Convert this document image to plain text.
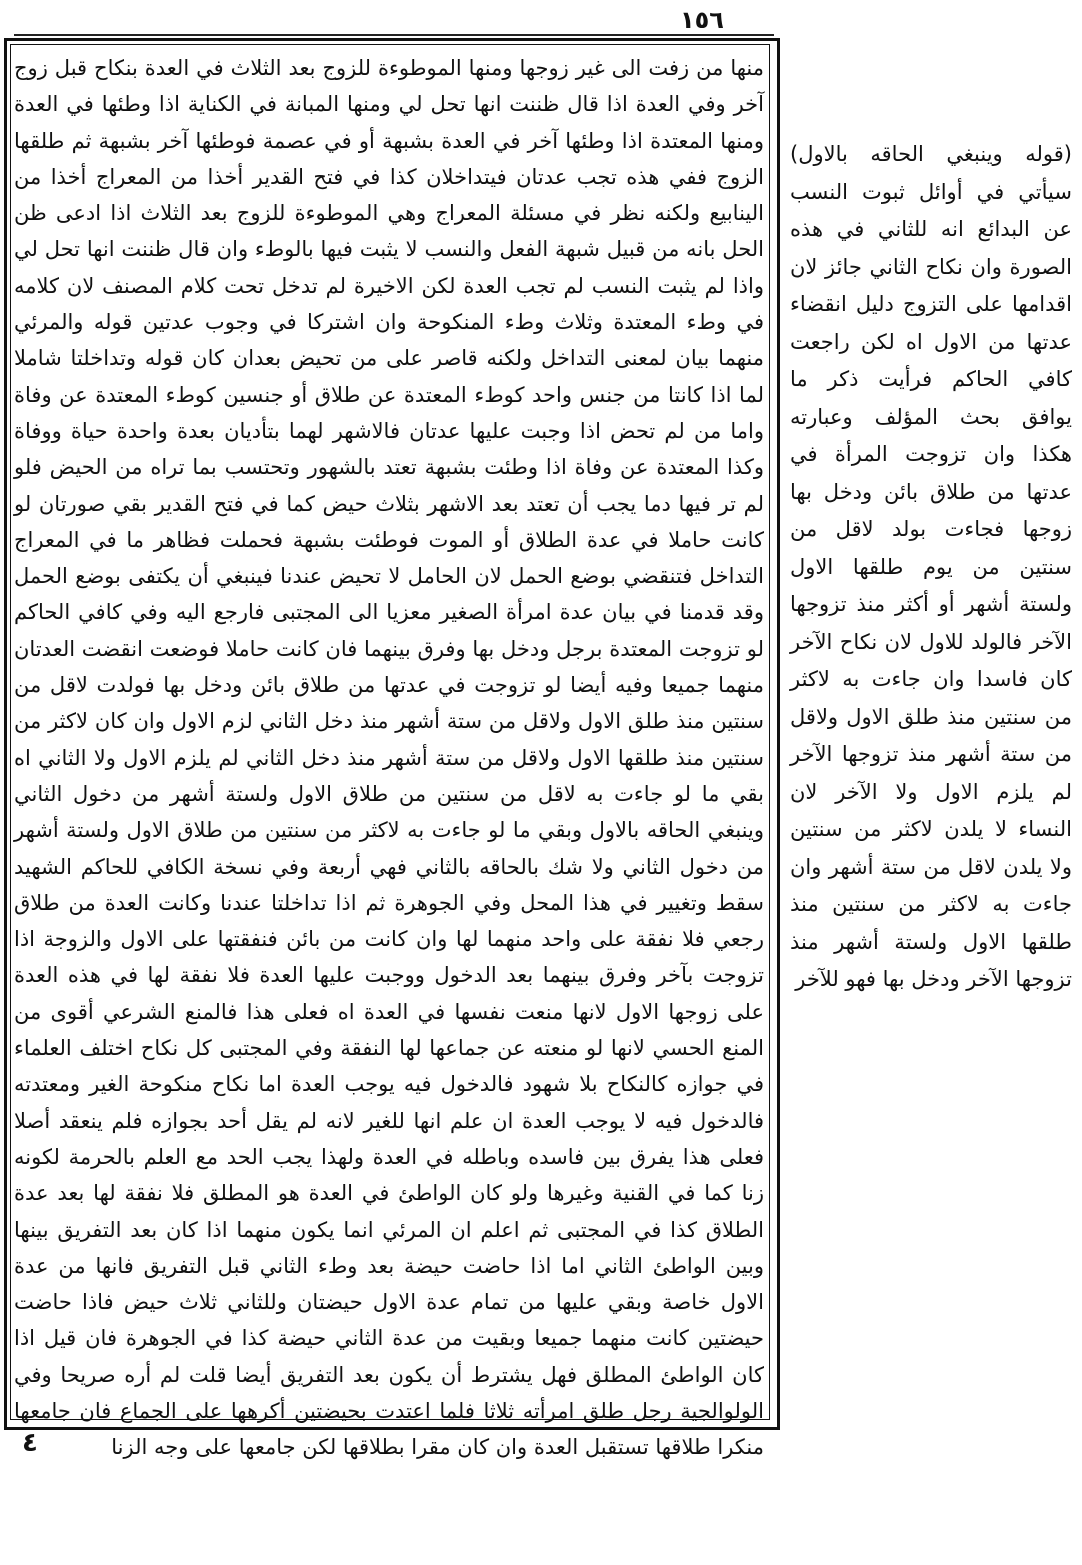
١٥٦

منها من زفت الى غير زوجها ومنها الموطوءة للزوج بعد الثلاث في العدة بنكاح قبل زوج آخر وفي العدة اذا قال ظننت انها تحل لي ومنها المبانة في الكناية اذا وطئها في العدة ومنها المعتدة اذا وطئها آخر في العدة بشبهة أو في عصمة فوطئها آخر بشبهة ثم طلقها الزوج ففي هذه تجب عدتان فيتداخلان كذا في فتح القدير أخذا من المعراج أخذا من الينابيع ولكنه نظر في مسئلة المعراج وهي الموطوءة للزوج بعد الثلاث اذا ادعى ظن الحل بانه من قبيل شبهة الفعل والنسب لا يثبت فيها بالوطء وان قال ظننت انها تحل لي واذا لم يثبت النسب لم تجب العدة لكن الاخيرة لم تدخل تحت كلام المصنف لان كلامه في وطء المعتدة وثلاث وطء المنكوحة وان اشتركا في وجوب عدتين قوله والمرئي منهما بيان لمعنى التداخل ولكنه قاصر على من تحيض بعدان كان قوله وتداخلتا شاملا لما اذا كانتا من جنس واحد كوطء المعتدة عن طلاق أو جنسين كوطء المعتدة عن وفاة واما من لم تحض اذا وجبت عليها عدتان فالاشهر لهما بتأديان بعدة واحدة حياة ووفاة وكذا المعتدة عن وفاة اذا وطئت بشبهة تعتد بالشهور وتحتسب بما تراه من الحيض فلو لم تر فيها دما يجب أن تعتد بعد الاشهر بثلاث حيض كما في فتح القدير بقي صورتان لو كانت حاملا في عدة الطلاق أو الموت فوطئت بشبهة فحملت فظاهر ما في المعراج التداخل فتنقضي بوضع الحمل لان الحامل لا تحيض عندنا فينبغي أن يكتفى بوضع الحمل وقد قدمنا في بيان عدة امرأة الصغير معزيا الى المجتبى فارجع اليه وفي كافي الحاكم لو تزوجت المعتدة برجل ودخل بها وفرق بينهما فان كانت حاملا فوضعت انقضت العدتان منهما جميعا وفيه أيضا لو تزوجت في عدتها من طلاق بائن ودخل بها فولدت لاقل من سنتين منذ طلق الاول ولاقل من ستة أشهر منذ دخل الثاني لزم الاول وان كان لاكثر من سنتين منذ طلقها الاول ولاقل من ستة أشهر منذ دخل الثاني لم يلزم الاول ولا الثاني اه بقي ما لو جاءت به لاقل من سنتين من طلاق الاول ولستة أشهر من دخول الثاني وينبغي الحاقه بالاول وبقي ما لو جاءت به لاكثر من سنتين من طلاق الاول ولستة أشهر من دخول الثاني ولا شك بالحاقه بالثاني فهي أربعة وفي نسخة الكافي للحاكم الشهيد سقط وتغيير في هذا المحل وفي الجوهرة ثم اذا تداخلتا عندنا وكانت العدة من طلاق رجعي فلا نفقة على واحد منهما لها وان كانت من بائن فنفقتها على الاول والزوجة اذا تزوجت بآخر وفرق بينهما بعد الدخول ووجبت عليها العدة فلا نفقة لها في هذه العدة على زوجها الاول لانها منعت نفسها في العدة اه فعلى هذا فالمنع الشرعي أقوى من المنع الحسي لانها لو منعته عن جماعها لها النفقة وفي المجتبى كل نكاح اختلف العلماء في جوازه كالنكاح بلا شهود فالدخول فيه يوجب العدة اما نكاح منكوحة الغير ومعتدته فالدخول فيه لا يوجب العدة ان علم انها للغير لانه لم يقل أحد بجوازه فلم ينعقد أصلا فعلى هذا يفرق بين فاسده وباطله في العدة ولهذا يجب الحد مع العلم بالحرمة لكونه زنا كما في القنية وغيرها ولو كان الواطئ في العدة هو المطلق فلا نفقة لها بعد عدة الطلاق كذا في المجتبى ثم اعلم ان المرئي انما يكون منهما اذا كان بعد التفريق بينها وبين الواطئ الثاني اما اذا حاضت حيضة بعد وطء الثاني قبل التفريق فانها من عدة الاول خاصة وبقي عليها من تمام عدة الاول حيضتان وللثاني ثلاث حيض فاذا حاضت حيضتين كانت منهما جميعا وبقيت من عدة الثاني حيضة كذا في الجوهرة فان قيل اذا كان الواطئ المطلق فهل يشترط أن يكون بعد التفريق أيضا قلت لم أره صريحا وفي الولوالجية رجل طلق امرأته ثلاثا فلما اعتدت بحيضتين أكرهها على الجماع فان جامعها منكرا طلاقها تستقبل العدة وان كان مقرا بطلاقها لكن جامعها على وجه الزنا

(قوله وينبغي الحاقه بالاول) سيأتي في أوائل ثبوت النسب عن البدائع انه للثاني في هذه الصورة وان نكاح الثاني جائز لان اقدامها على التزوج دليل انقضاء عدتها من الاول اه لكن راجعت كافي الحاكم فرأيت ذكر ما يوافق بحث المؤلف وعبارته هكذا وان تزوجت المرأة في عدتها من طلاق بائن ودخل بها زوجها فجاءت بولد لاقل من سنتين من يوم طلقها الاول ولستة أشهر أو أكثر منذ تزوجها الآخر فالولد للاول لان نكاح الآخر كان فاسدا وان جاءت به لاكثر من سنتين منذ طلق الاول ولاقل من ستة أشهر منذ تزوجها الآخر لم يلزم الاول ولا الآخر لان النساء لا يلدن لاكثر من سنتين ولا يلدن لاقل من ستة أشهر وان جاءت به لاكثر من سنتين منذ طلقها الاول ولستة أشهر منذ تزوجها الآخر ودخل بها فهو للآخر

٤
